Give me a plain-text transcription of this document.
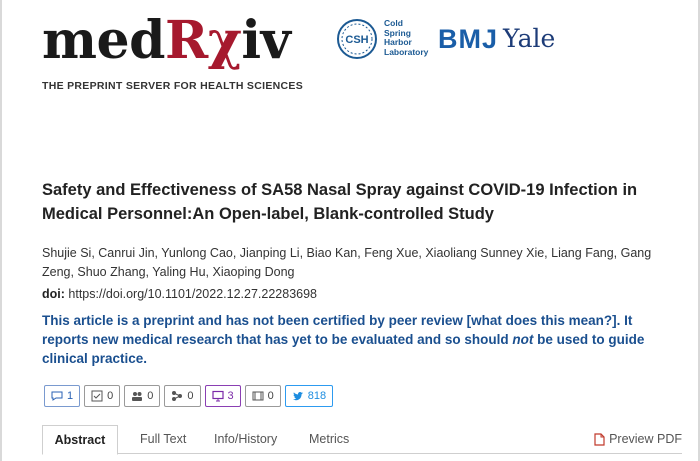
medRχiv
THE PREPRINT SERVER FOR HEALTH SCIENCES
CSH
Cold
Spring
Harbor
Laboratory BMJ Yale
Safety and Effectiveness of SA58 Nasal Spray against COVID-19 Infection in Medical Personnel:An Open-label, Blank-controlled Study

Shujie Si, Canrui Jin, Yunlong Cao, Jianping Li, Biao Kan, Feng Xue, Xiaoliang Sunney Xie, Liang Fang, Gang Zeng, Shuo Zhang, Yaling Hu, Xiaoping Dong

doi: https://doi.org/10.1101/2022.12.27.22283698

This article is a preprint and has not been certified by peer review [what does this mean?]. It reports new medical research that has yet to be evaluated and so should not be used to guide clinical practice.

1	0	0	0	3	0	818
Abstract	Full Text Info/History	Metrics	Preview PDF
